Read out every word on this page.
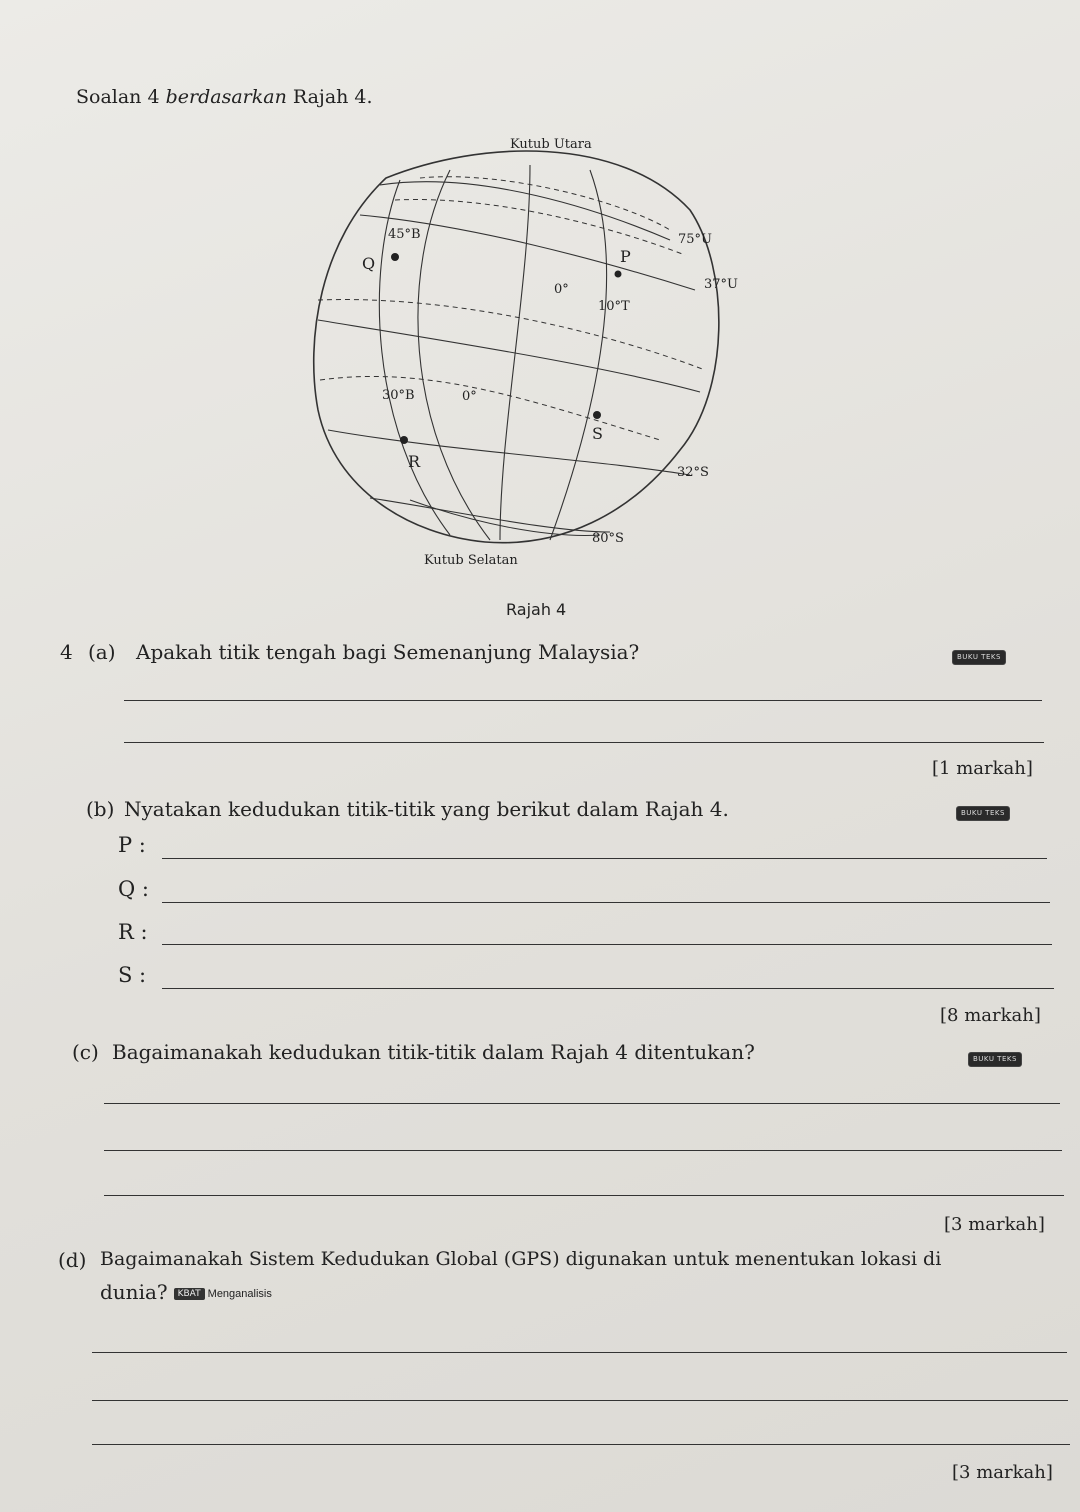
Soalan 4 berdasarkan Rajah 4.
Kutub Utara
45°B	75°U
37°U
0°
10°T
30°B	0°
32°S
80°S
Kutub Selatan
Q	P
R
S
Rajah 4
4 (a) Apakah titik tengah bagi Semenanjung Malaysia?	BUKU TEKS
[1 markah]
(b) Nyatakan kedudukan titik-titik yang berikut dalam Rajah 4.	BUKU TEKS
P :
Q :
R :
S :
[8 markah]
(c) Bagaimanakah kedudukan titik-titik dalam Rajah 4 ditentukan?	BUKU TEKS
[3 markah]
(d) Bagaimanakah Sistem Kedudukan Global (GPS) digunakan untuk menentukan lokasi di
dunia? KBAT Menganalisis
[3 markah]
